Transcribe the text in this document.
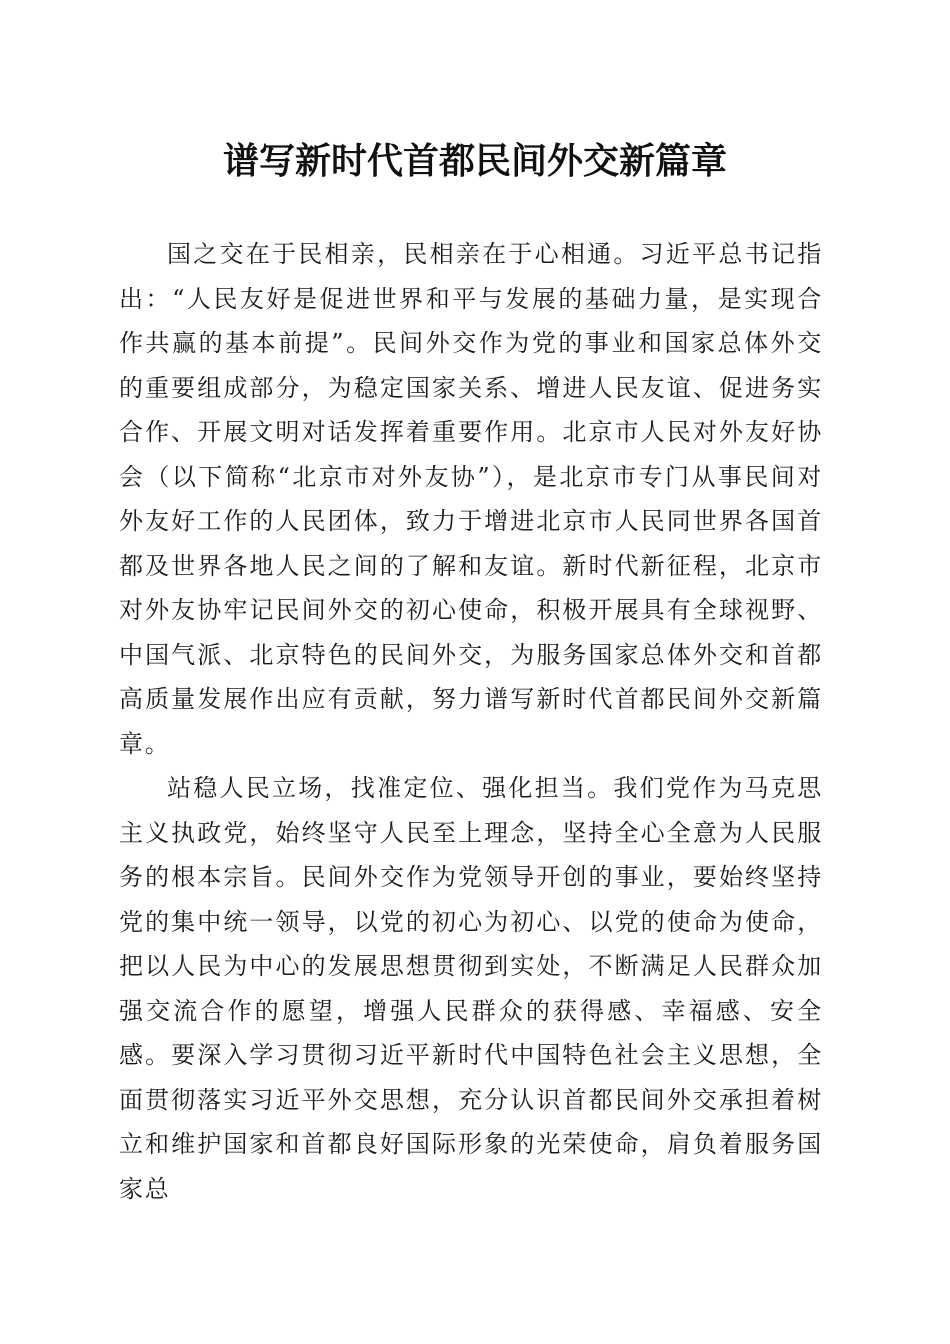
谱写新时代首都民间外交新篇章

国之交在于民相亲，民相亲在于心相通。习近平总书记指出：“人民友好是促进世界和平与发展的基础力量，是实现合作共赢的基本前提”。民间外交作为党的事业和国家总体外交的重要组成部分，为稳定国家关系、增进人民友谊、促进务实合作、开展文明对话发挥着重要作用。北京市人民对外友好协会（以下简称“北京市对外友协”），是北京市专门从事民间对外友好工作的人民团体，致力于增进北京市人民同世界各国首都及世界各地人民之间的了解和友谊。新时代新征程，北京市对外友协牢记民间外交的初心使命，积极开展具有全球视野、中国气派、北京特色的民间外交，为服务国家总体外交和首都高质量发展作出应有贡献，努力谱写新时代首都民间外交新篇章。

站稳人民立场，找准定位、强化担当。我们党作为马克思主义执政党，始终坚守人民至上理念，坚持全心全意为人民服务的根本宗旨。民间外交作为党领导开创的事业，要始终坚持党的集中统一领导，以党的初心为初心、以党的使命为使命，把以人民为中心的发展思想贯彻到实处，不断满足人民群众加强交流合作的愿望，增强人民群众的获得感、幸福感、安全感。要深入学习贯彻习近平新时代中国特色社会主义思想，全面贯彻落实习近平外交思想，充分认识首都民间外交承担着树立和维护国家和首都良好国际形象的光荣使命，肩负着服务国家总
